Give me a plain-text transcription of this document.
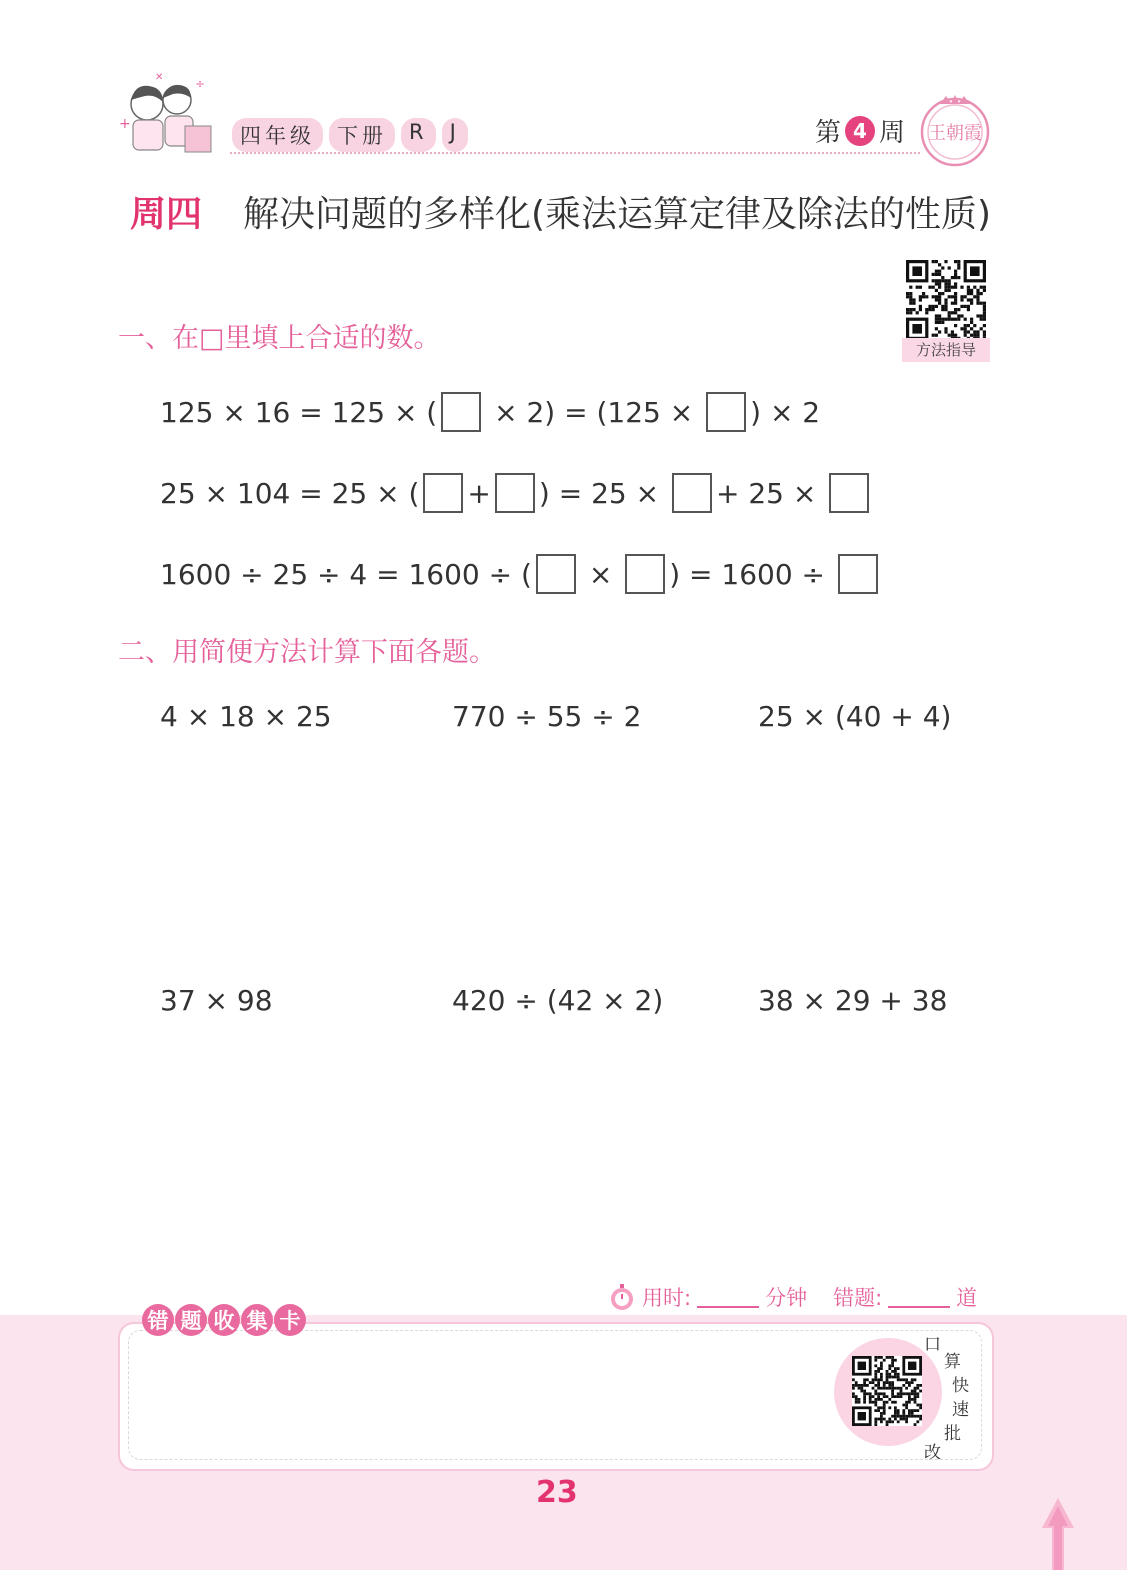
+
÷
✕
四年级	下册	R	J	第 4 周 王朝霞
周四 解决问题的多样化(乘法运算定律及除法的性质)
方法指导
一、在□里填上合适的数。
125 × 16 = 125 × ( × 2) = (125 × ) × 2
25 × 104 = 25 × ( + ) = 25 × + 25 ×
1600 ÷ 25 ÷ 4 = 1600 ÷ ( × ) = 1600 ÷
二、用简便方法计算下面各题。
4 × 18 × 25	770 ÷ 55 ÷ 2	25 × (40 + 4)
37 × 98	420 ÷ (42 × 2)	38 × 29 + 38
用时:	分钟 错题:	道
错 题 收 集 卡
口
算
快
速
批
改
23
